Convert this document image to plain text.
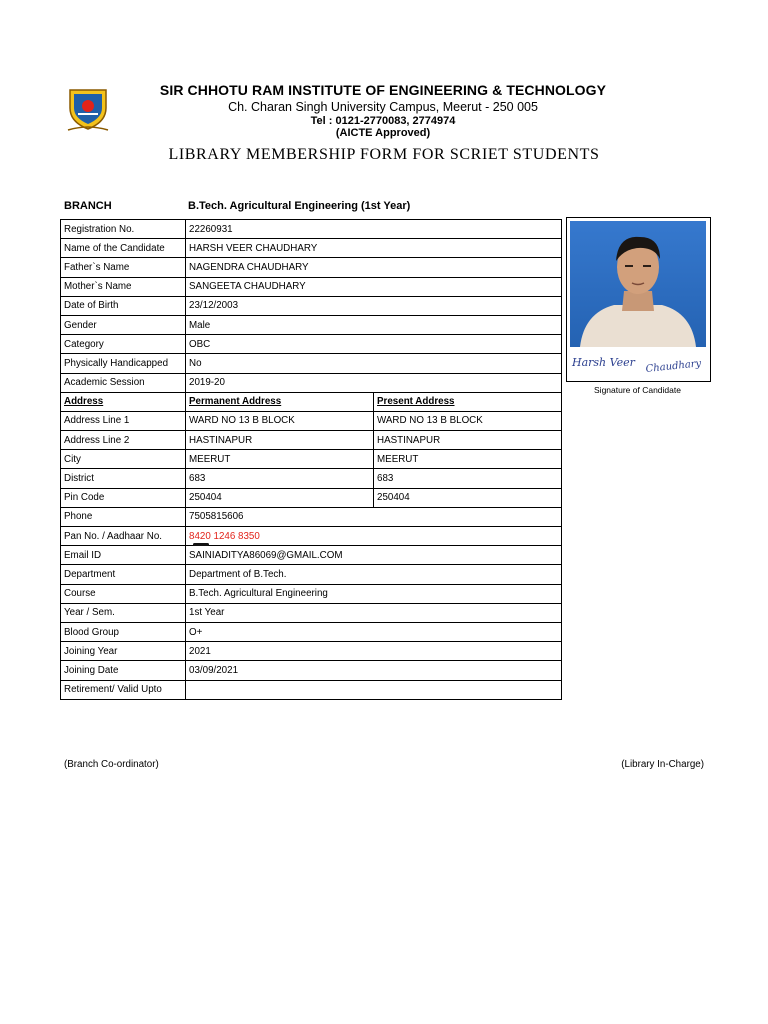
SIR CHHOTU RAM INSTITUTE OF ENGINEERING & TECHNOLOGY
Ch. Charan Singh University Campus, Meerut - 250 005
Tel : 0121-2770083, 2774974
(AICTE Approved)
LIBRARY MEMBERSHIP FORM FOR SCRIET STUDENTS
BRANCH	B.Tech. Agricultural Engineering (1st Year)
Registration No.	22260931	
Name of the Candidate	HARSH VEER CHAUDHARY	
Father`s Name	NAGENDRA CHAUDHARY	
Mother`s Name	SANGEETA CHAUDHARY	
Date of Birth	23/12/2003	
Gender	Male	
Category	OBC	
Physically Handicapped	No	
Academic Session	2019-20	
Address	Permanent Address	Present Address
Address Line 1	WARD NO 13 B BLOCK	WARD NO 13 B BLOCK
Address Line 2	HASTINAPUR	HASTINAPUR
City	MEERUT	MEERUT
District	683	683
Pin Code	250404	250404
Phone	7505815606	
Pan No. / Aadhaar No.	8420 1246 8350	
Email ID	SAINIADITYA86069@GMAIL.COM	
Department	Department of B.Tech.	
Course	B.Tech. Agricultural Engineering	
Year / Sem.	1st Year	
Blood Group	O+	
Joining Year	2021	
Joining Date	03/09/2021	
Retirement/ Valid Upto		
Harsh Veer Chaudhary
Signature of Candidate
(Branch Co-ordinator)	(Library In-Charge)
